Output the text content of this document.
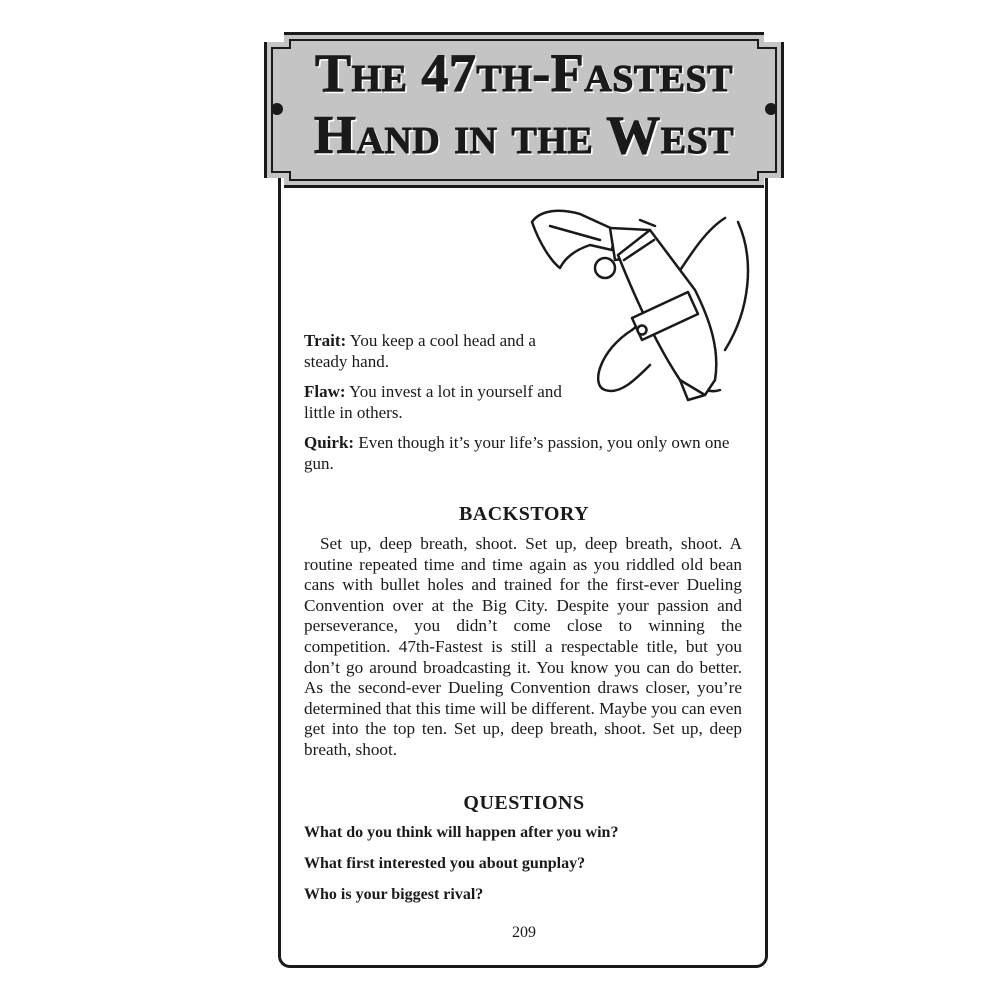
The 47th-Fastest
Hand in the West

Trait: You keep a cool head and a steady hand.

Flaw: You invest a lot in yourself and little in others.

Quirk: Even though it’s your life’s passion, you only own one gun.

BACKSTORY

Set up, deep breath, shoot. Set up, deep breath, shoot. A routine repeated time and time again as you riddled old bean cans with bullet holes and trained for the first-ever Dueling Convention over at the Big City. Despite your passion and perseverance, you didn’t come close to winning the competition. 47th-Fastest is still a respectable title, but you don’t go around broadcasting it. You know you can do better. As the second-ever Dueling Convention draws closer, you’re determined that this time will be different. Maybe you can even get into the top ten. Set up, deep breath, shoot. Set up, deep breath, shoot.

QUESTIONS

What do you think will happen after you win?

What first interested you about gunplay?

Who is your biggest rival?

209
